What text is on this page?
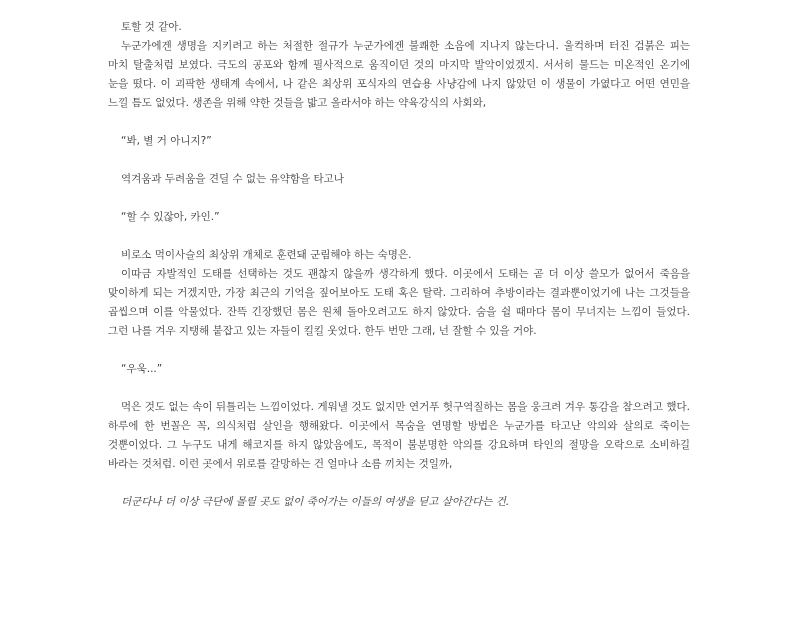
토할 것 같아.

누군가에겐 생명을 지키려고 하는 처절한 절규가 누군가에겐 불쾌한 소음에 지나지 않는다니. 울컥하며 터진 검붉은 피는 마치 탈출처럼 보였다. 극도의 공포와 함께 필사적으로 움직이던 것의 마지막 발악이었겠지. 서서히 물드는 미온적인 온기에 눈을 떴다. 이 괴팍한 생태계 속에서, 나 같은 최상위 포식자의 연습용 사냥감에 나지 않았던 이 생물이 가엾다고 어떤 연민을 느낄 틈도 없었다. 생존을 위해 약한 것들을 밟고 올라서야 하는 약육강식의 사회와,

“봐, 별 거 아니지?”

역겨움과 두려움을 견딜 수 없는 유약함을 타고나

“할 수 있잖아, 카인.”

비로소 먹이사슬의 최상위 개체로 훈련돼 군림해야 하는 숙명은.

이따금 자발적인 도태를 선택하는 것도 괜찮지 않을까 생각하게 했다. 이곳에서 도태는 곧 더 이상 쓸모가 없어서 죽음을 맞이하게 되는 거겠지만, 가장 최근의 기억을 짚어보아도 도태 혹은 탈락. 그리하여 추방이라는 결과뿐이었기에 나는 그것들을 곱씹으며 이를 악물었다. 잔뜩 긴장했던 몸은 원체 돌아오려고도 하지 않았다. 숨을 쉴 때마다 몸이 무너지는 느낌이 들었다. 그런 나를 겨우 지탱해 붙잡고 있는 자들이 킬킬 웃었다. 한두 번만 그래, 넌 잘할 수 있을 거야.

“우욱...”

먹은 것도 없는 속이 뒤틀리는 느낌이었다. 게워낼 것도 없지만 연거푸 헛구역질하는 몸을 웅크려 겨우 통감을 참으려고 했다. 하루에 한 번꼴은 꼭, 의식처럼 살인을 행해왔다. 이곳에서 목숨을 연명할 방법은 누군가를 타고난 악의와 살의로 죽이는 것뿐이었다. 그 누구도 내게 해코지를 하지 않았음에도, 목적이 불분명한 악의를 강요하며 타인의 절망을 오락으로 소비하길 바라는 것처럼. 이런 곳에서 위로를 갈망하는 건 얼마나 소름 끼치는 것일까,

더군다나 더 이상 극단에 몰릴 곳도 없이 죽어가는 이들의 여생을 딛고 살아간다는 건.
